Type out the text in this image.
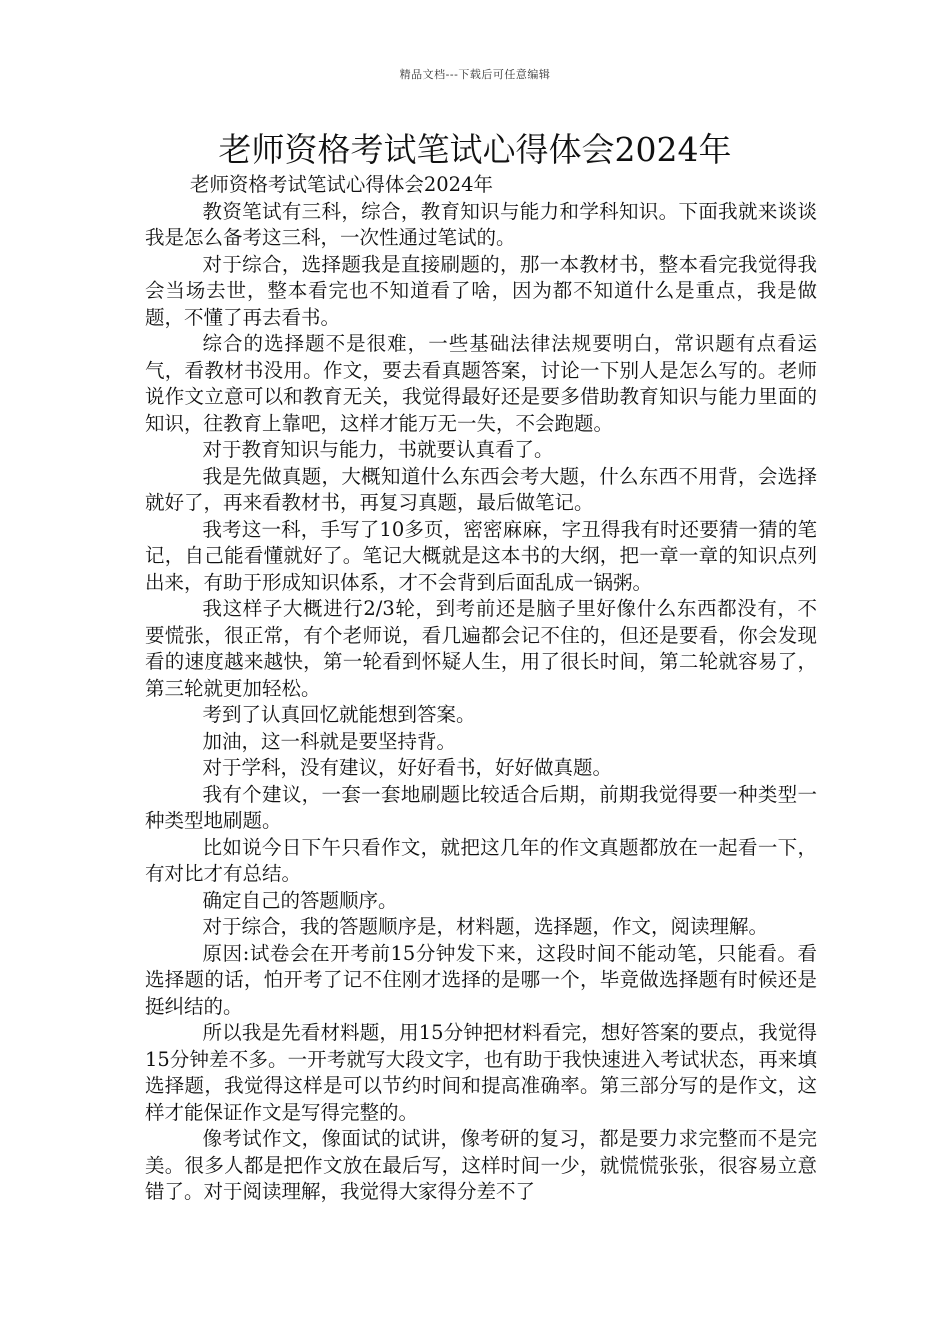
精品文档---下载后可任意编辑
老师资格考试笔试心得体会2024年

老师资格考试笔试心得体会2024年

教资笔试有三科，综合，教育知识与能力和学科知识。下面我就来谈谈我是怎么备考这三科，一次性通过笔试的。

对于综合，选择题我是直接刷题的，那一本教材书，整本看完我觉得我会当场去世，整本看完也不知道看了啥，因为都不知道什么是重点，我是做题，不懂了再去看书。

综合的选择题不是很难，一些基础法律法规要明白，常识题有点看运气，看教材书没用。作文，要去看真题答案，讨论一下别人是怎么写的。老师说作文立意可以和教育无关，我觉得最好还是要多借助教育知识与能力里面的知识，往教育上靠吧，这样才能万无一失，不会跑题。

对于教育知识与能力，书就要认真看了。

我是先做真题，大概知道什么东西会考大题，什么东西不用背，会选择就好了，再来看教材书，再复习真题，最后做笔记。

我考这一科，手写了10多页，密密麻麻，字丑得我有时还要猜一猜的笔记，自己能看懂就好了。笔记大概就是这本书的大纲，把一章一章的知识点列出来，有助于形成知识体系，才不会背到后面乱成一锅粥。

我这样子大概进行2/3轮，到考前还是脑子里好像什么东西都没有，不要慌张，很正常，有个老师说，看几遍都会记不住的，但还是要看，你会发现看的速度越来越快，第一轮看到怀疑人生，用了很长时间，第二轮就容易了，第三轮就更加轻松。

考到了认真回忆就能想到答案。

加油，这一科就是要坚持背。

对于学科，没有建议，好好看书，好好做真题。

我有个建议，一套一套地刷题比较适合后期，前期我觉得要一种类型一种类型地刷题。

比如说今日下午只看作文，就把这几年的作文真题都放在一起看一下，有对比才有总结。

确定自己的答题顺序。

对于综合，我的答题顺序是，材料题，选择题，作文，阅读理解。

原因:试卷会在开考前15分钟发下来，这段时间不能动笔，只能看。看选择题的话，怕开考了记不住刚才选择的是哪一个，毕竟做选择题有时候还是挺纠结的。

所以我是先看材料题，用15分钟把材料看完，想好答案的要点，我觉得15分钟差不多。一开考就写大段文字，也有助于我快速进入考试状态，再来填选择题，我觉得这样是可以节约时间和提高准确率。第三部分写的是作文，这样才能保证作文是写得完整的。

像考试作文，像面试的试讲，像考研的复习，都是要力求完整而不是完美。很多人都是把作文放在最后写，这样时间一少，就慌慌张张，很容易立意错了。对于阅读理解，我觉得大家得分差不了
